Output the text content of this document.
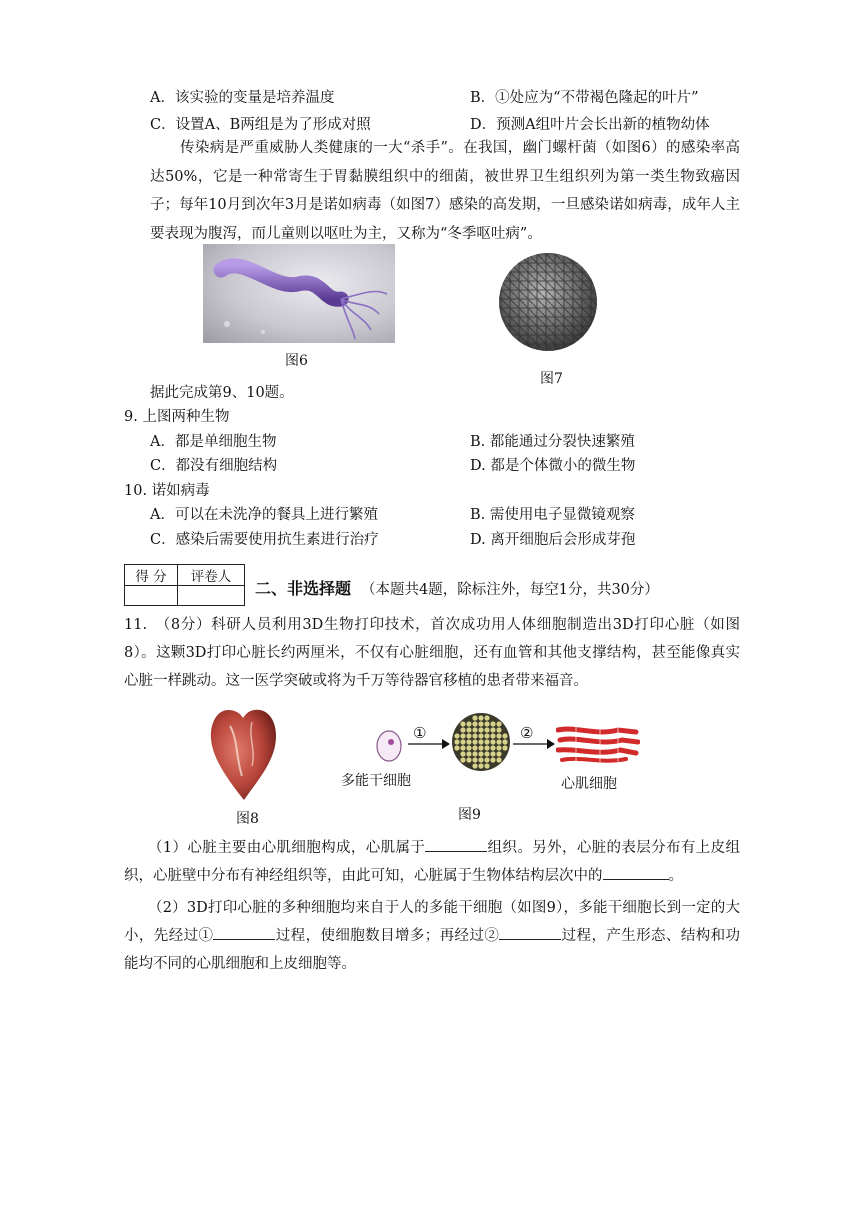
A．该实验的变量是培养温度	B．①处应为“不带褐色隆起的叶片”
C．设置A、B两组是为了形成对照	D．预测A组叶片会长出新的植物幼体
传染病是严重威胁人类健康的一大“杀手”。在我国，幽门螺杆菌（如图6）的感染率高达50%，它是一种常寄生于胃黏膜组织中的细菌，被世界卫生组织列为第一类生物致癌因子；每年10月到次年3月是诺如病毒（如图7）感染的高发期，一旦感染诺如病毒，成年人主要表现为腹泻，而儿童则以呕吐为主，又称为“冬季呕吐病”。
图6
图7
据此完成第9、10题。
9. 上图两种生物
A．都是单细胞生物	B. 都能通过分裂快速繁殖
C．都没有细胞结构	D. 都是个体微小的微生物
10. 诺如病毒
A．可以在未洗净的餐具上进行繁殖	B. 需使用电子显微镜观察
C．感染后需要使用抗生素进行治疗	D. 离开细胞后会形成芽孢
得 分	评卷人

二、非选择题 （本题共4题，除标注外，每空1分，共30分）
11.　（8分）科研人员利用3D生物打印技术，首次成功用人体细胞制造出3D打印心脏（如图8）。这颗3D打印心脏长约两厘米，不仅有心脏细胞，还有血管和其他支撑结构，甚至能像真实心脏一样跳动。这一医学突破或将为千万等待器官移植的患者带来福音。
图8
多能干细胞
①	②
心肌细胞
图9
（1）心脏主要由心肌细胞构成，心肌属于	组织。另外，心脏的表层分布有上皮组织，心脏壁中分布有神经组织等，由此可知，心脏属于生物体结构层次中的	。
（2）3D打印心脏的多种细胞均来自于人的多能干细胞（如图9），多能干细胞长到一定的大小，先经过①	过程，使细胞数目增多；再经过②	过程，产生形态、结构和功能均不同的心肌细胞和上皮细胞等。
